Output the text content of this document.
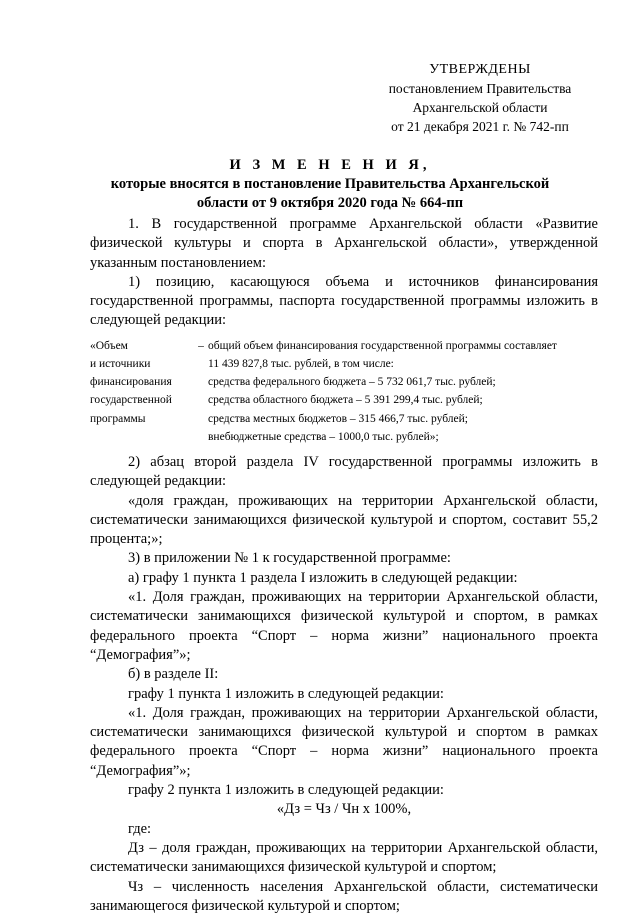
УТВЕРЖДЕНЫ
постановлением Правительства
Архангельской области
от 21 декабря 2021 г. № 742-пп
И З М Е Н Е Н И Я,
которые вносятся в постановление Правительства Архангельской
области от 9 октября 2020 года № 664-пп

1. В государственной программе Архангельской области «Развитие физической культуры и спорта в Архангельской области», утвержденной указанным постановлением:

1) позицию, касающуюся объема и источников финансирования государственной программы, паспорта государственной программы изложить в следующей редакции:

«Объем
и источники
финансирования
государственной
программы
– общий объем финансирования государственной программы составляет
11 439 827,8 тыс. рублей, в том числе:
средства федерального бюджета – 5 732 061,7 тыс. рублей;
средства областного бюджета – 5 391 299,4 тыс. рублей;
средства местных бюджетов – 315 466,7 тыс. рублей;
внебюджетные средства – 1000,0 тыс. рублей»;

2) абзац второй раздела IV государственной программы изложить в следующей редакции:

«доля граждан, проживающих на территории Архангельской области, систематически занимающихся физической культурой и спортом, составит 55,2 процента;»;

3) в приложении № 1 к государственной программе:

а) графу 1 пункта 1 раздела I изложить в следующей редакции:

«1. Доля граждан, проживающих на территории Архангельской области, систематически занимающихся физической культурой и спортом, в рамках федерального проекта “Спорт – норма жизни” национального проекта “Демография”»;

б) в разделе II:

графу 1 пункта 1 изложить в следующей редакции:

«1. Доля граждан, проживающих на территории Архангельской области, систематически занимающихся физической культурой и спортом в рамках федерального проекта “Спорт – норма жизни” национального проекта “Демография”»;

графу 2 пункта 1 изложить в следующей редакции:

«Дз = Чз / Чн х 100%,

где:

Дз – доля граждан, проживающих на территории Архангельской области, систематически занимающихся физической культурой и спортом;

Чз – численность населения Архангельской области, систематически занимающегося физической культурой и спортом;
